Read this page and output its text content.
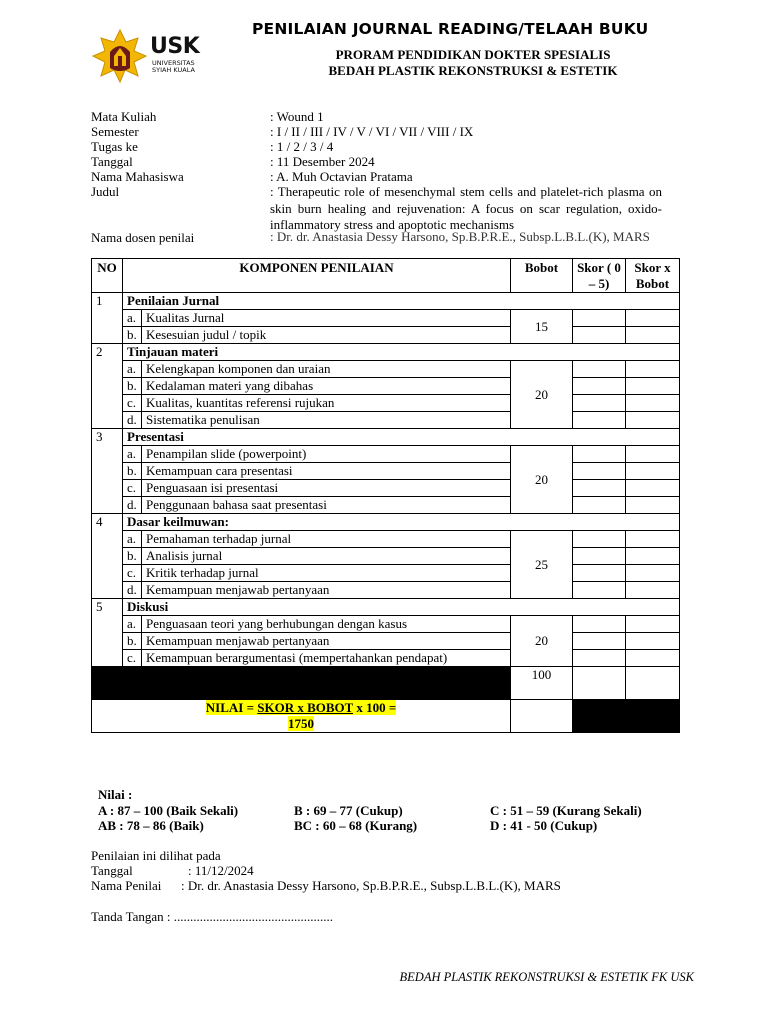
PENILAIAN JOURNAL READING/TELAAH BUKU
PRORAM PENDIDIKAN DOKTER SPESIALIS
BEDAH PLASTIK REKONSTRUKSI & ESTETIK
USK
UNIVERSITAS
SYIAH KUALA
Mata Kuliah	: Wound 1
Semester	: I / II / III / IV / V / VI / VII / VIII / IX
Tugas ke	: 1 / 2 / 3 / 4
Tanggal	: 11 Desember 2024
Nama Mahasiswa	: A. Muh Octavian Pratama
Judul	: Therapeutic role of mesenchymal stem cells and platelet-rich plasma on skin burn healing and rejuvenation: A focus on scar regulation, oxido-inflammatory stress and apoptotic mechanisms
Nama dosen penilai	: Dr. dr. Anastasia Dessy Harsono, Sp.B.P.R.E., Subsp.L.B.L.(K), MARS
NO	KOMPONEN PENILAIAN		Bobot	Skor ( 0 – 5)	Skor x Bobot
1	Penilaian Jurnal				
	a.	Kualitas Jurnal	15		
	b.	Kesesuian judul / topik			
2	Tinjauan materi				
	a.	Kelengkapan komponen dan uraian	20		
	b.	Kedalaman materi yang dibahas			
	c.	Kualitas, kuantitas referensi rujukan			
	d.	Sistematika penulisan			
3	Presentasi				
	a.	Penampilan slide (powerpoint)	20		
	b.	Kemampuan cara presentasi			
	c.	Penguasaan isi presentasi			
	d.	Penggunaan bahasa saat presentasi			
4	Dasar keilmuwan:				
	a.	Pemahaman terhadap jurnal	25		
	b.	Analisis jurnal			
	c.	Kritik terhadap jurnal			
	d.	Kemampuan menjawab pertanyaan			
5	Diskusi				
	a.	Penguasaan teori yang berhubungan dengan kasus	20		
	b.	Kemampuan menjawab pertanyaan			
	c.	Kemampuan berargumentasi (mempertahankan pendapat)			
			100		
NILAI = SKOR x BOBOT x 100 =
1750					
Nilai :
A : 87 – 100 (Baik Sekali)
AB : 78 – 86 (Baik)
B : 69 – 77 (Cukup)
BC : 60 – 68 (Kurang)
C : 51 – 59 (Kurang Sekali)
D : 41 - 50 (Cukup)
Penilaian ini dilihat pada
Tanggal	: 11/12/2024
Nama Penilai : Dr. dr. Anastasia Dessy Harsono, Sp.B.P.R.E., Subsp.L.B.L.(K), MARS
Tanda Tangan : .................................................
BEDAH PLASTIK REKONSTRUKSI & ESTETIK FK USK
